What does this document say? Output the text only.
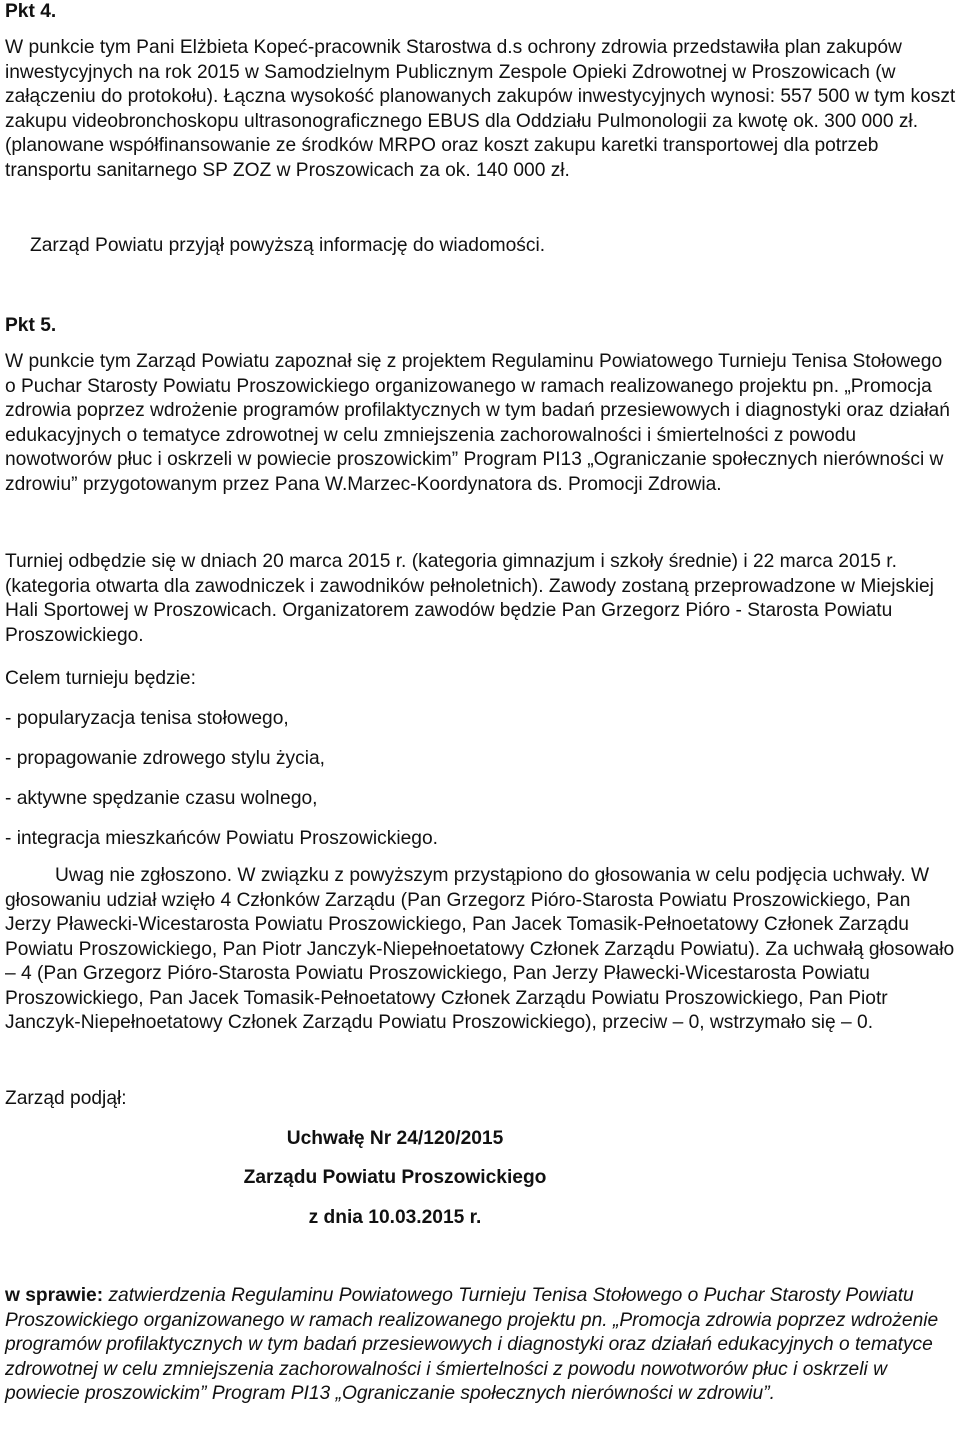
Pkt 4.

W punkcie tym Pani Elżbieta Kopeć-pracownik Starostwa d.s ochrony zdrowia przedstawiła plan zakupów inwestycyjnych na rok 2015 w Samodzielnym Publicznym Zespole Opieki Zdrowotnej w Proszowicach (w załączeniu do protokołu). Łączna wysokość planowanych zakupów inwestycyjnych wynosi: 557 500 w tym koszt zakupu videobronchoskopu ultrasonograficznego EBUS dla Oddziału Pulmonologii za kwotę ok. 300 000 zł. (planowane współfinansowanie ze środków MRPO oraz koszt zakupu karetki transportowej dla potrzeb transportu sanitarnego SP ZOZ w Proszowicach za ok. 140 000 zł.

Zarząd Powiatu przyjął powyższą informację do wiadomości.

Pkt 5.

W punkcie tym Zarząd Powiatu zapoznał się z projektem Regulaminu Powiatowego Turnieju Tenisa Stołowego o Puchar Starosty Powiatu Proszowickiego organizowanego w ramach realizowanego projektu pn. „Promocja zdrowia poprzez wdrożenie programów profilaktycznych w tym badań przesiewowych i diagnostyki oraz działań edukacyjnych o tematyce zdrowotnej w celu zmniejszenia zachorowalności i śmiertelności z powodu nowotworów płuc i oskrzeli w powiecie proszowickim” Program PI13 „Ograniczanie społecznych nierówności w zdrowiu” przygotowanym przez Pana W.Marzec-Koordynatora ds. Promocji Zdrowia.

Turniej odbędzie się w dniach 20 marca 2015 r. (kategoria gimnazjum i szkoły średnie) i 22 marca 2015 r. (kategoria otwarta dla zawodniczek i zawodników pełnoletnich). Zawody zostaną przeprowadzone w Miejskiej Hali Sportowej w Proszowicach. Organizatorem zawodów będzie Pan Grzegorz Pióro - Starosta Powiatu Proszowickiego.

Celem turnieju będzie:

- popularyzacja tenisa stołowego,

- propagowanie zdrowego stylu życia,

- aktywne spędzanie czasu wolnego,

- integracja mieszkańców Powiatu Proszowickiego.

Uwag nie zgłoszono. W związku z powyższym przystąpiono do głosowania w celu podjęcia uchwały. W głosowaniu udział wzięło 4 Członków Zarządu (Pan Grzegorz Pióro-Starosta Powiatu Proszowickiego, Pan Jerzy Pławecki-Wicestarosta Powiatu Proszowickiego, Pan Jacek Tomasik-Pełnoetatowy Członek Zarządu Powiatu Proszowickiego, Pan Piotr Janczyk-Niepełnoetatowy Członek Zarządu Powiatu). Za uchwałą głosowało – 4 (Pan Grzegorz Pióro-Starosta Powiatu Proszowickiego, Pan Jerzy Pławecki-Wicestarosta Powiatu Proszowickiego, Pan Jacek Tomasik-Pełnoetatowy Członek Zarządu Powiatu Proszowickiego, Pan Piotr Janczyk-Niepełnoetatowy Członek Zarządu Powiatu Proszowickiego), przeciw – 0, wstrzymało się – 0.

Zarząd podjął:

Uchwałę Nr 24/120/2015

Zarządu Powiatu Proszowickiego

z dnia 10.03.2015 r.

w sprawie: zatwierdzenia Regulaminu Powiatowego Turnieju Tenisa Stołowego o Puchar Starosty Powiatu Proszowickiego organizowanego w ramach realizowanego projektu pn. „Promocja zdrowia poprzez wdrożenie programów profilaktycznych w tym badań przesiewowych i diagnostyki oraz działań edukacyjnych o tematyce zdrowotnej w celu zmniejszenia zachorowalności i śmiertelności z powodu nowotworów płuc i oskrzeli w powiecie proszowickim” Program PI13 „Ograniczanie społecznych nierówności w zdrowiu”.
